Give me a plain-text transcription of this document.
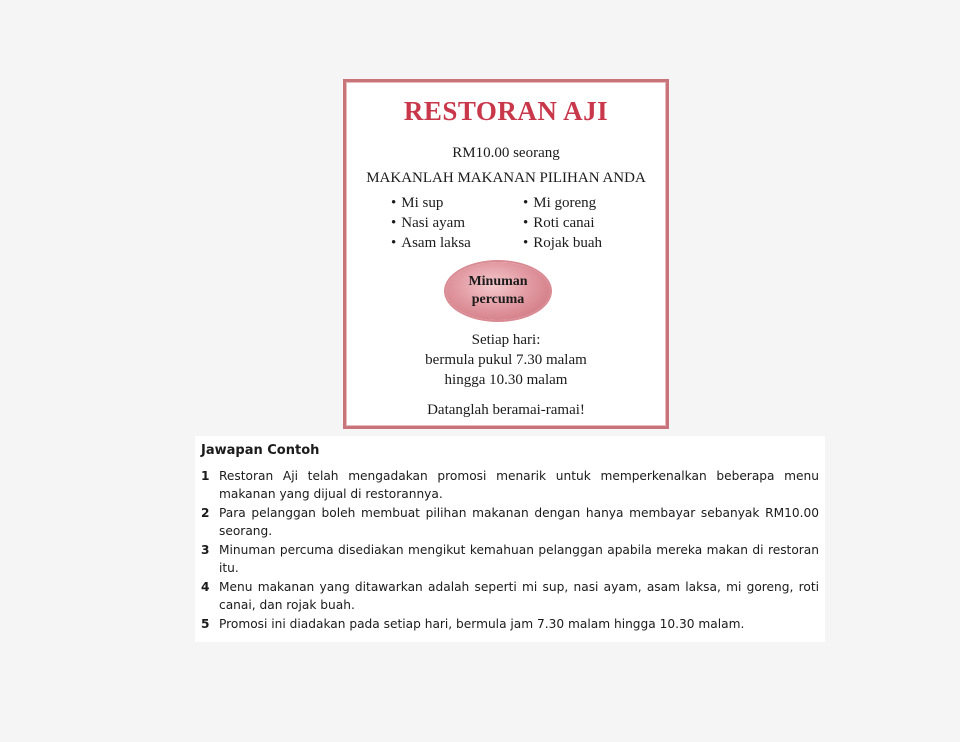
RESTORAN AJI
RM10.00 seorang
MAKANLAH MAKANAN PILIHAN ANDA
• Mi sup
• Nasi ayam
• Asam laksa
• Mi goreng
• Roti canai
• Rojak buah
Minuman
percuma
Setiap hari:
bermula pukul 7.30 malam
hingga 10.30 malam
Datanglah beramai-ramai!
Jawapan Contoh
1 Restoran Aji telah mengadakan promosi menarik untuk memperkenalkan beberapa menu makanan yang dijual di restorannya.
2 Para pelanggan boleh membuat pilihan makanan dengan hanya membayar sebanyak RM10.00 seorang.
3 Minuman percuma disediakan mengikut kemahuan pelanggan apabila mereka makan di restoran itu.
4 Menu makanan yang ditawarkan adalah seperti mi sup, nasi ayam, asam laksa, mi goreng, roti canai, dan rojak buah.
5 Promosi ini diadakan pada setiap hari, bermula jam 7.30 malam hingga 10.30 malam.
